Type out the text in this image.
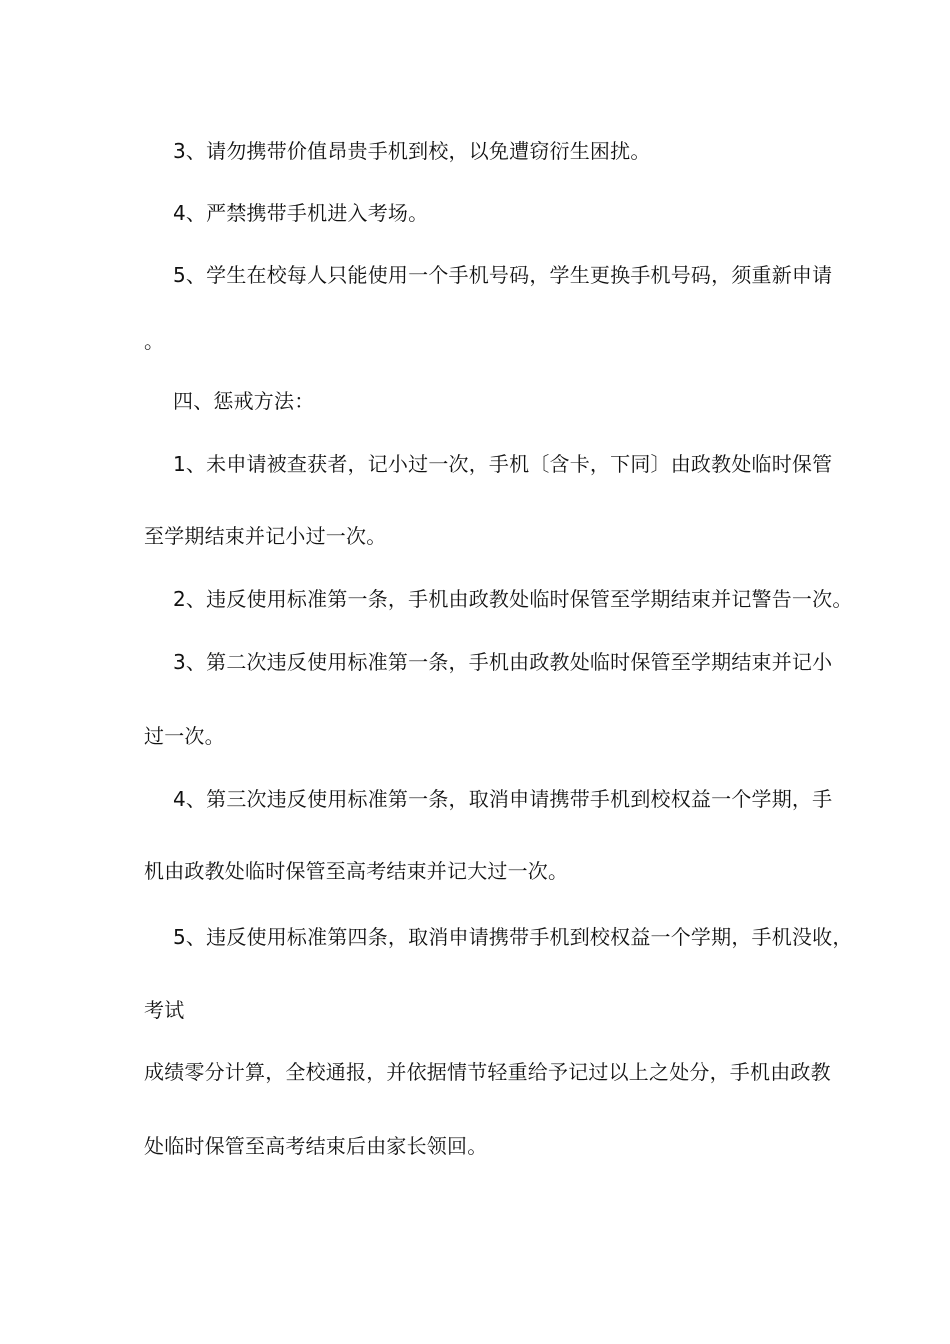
3、请勿携带价值昂贵手机到校，以免遭窃衍生困扰。
4、严禁携带手机进入考场。
5、学生在校每人只能使用一个手机号码，学生更换手机号码，须重新申请
。
四、惩戒方法：
1、未申请被查获者，记小过一次，手机〔含卡，下同〕由政教处临时保管
至学期结束并记小过一次。
2、违反使用标准第一条，手机由政教处临时保管至学期结束并记警告一次。
3、第二次违反使用标准第一条，手机由政教处临时保管至学期结束并记小
过一次。
4、第三次违反使用标准第一条，取消申请携带手机到校权益一个学期，手
机由政教处临时保管至高考结束并记大过一次。
5、违反使用标准第四条，取消申请携带手机到校权益一个学期，手机没收，
考试
成绩零分计算，全校通报，并依据情节轻重给予记过以上之处分，手机由政教
处临时保管至高考结束后由家长领回。
